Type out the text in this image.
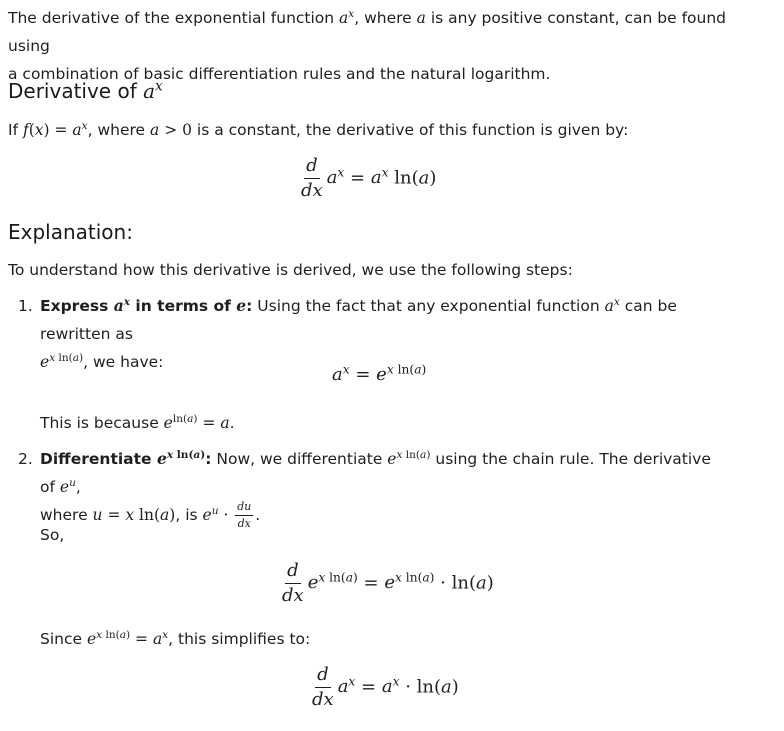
The derivative of the exponential function $a^x$, where a is any positive constant, can be found using
a combination of basic differentiation rules and the natural logarithm.
Derivative of $a^x$
If $f(x) = a^x$, where a > 0 is a constant, the derivative of this function is given by:
$\frac{d}{dx} a^x = a^x$ ln(a)
Explanation:
To understand how this derivative is derived, we use the following steps:
1. Express $a^x$ in terms of e: Using the fact that any exponential function $a^x$ can be rewritten as
$e^{x ln(a)}$, we have:
$a^x = e^{x ln(a)}$
This is because $e^{ln(a)} = a$.
2. Differentiate $e^{x ln(a)}$: Now, we differentiate $e^{x ln(a)}$ using the chain rule. The derivative of $e^u$,
where u = x ln(a), is $e^u \cdot \frac{du}{dx}$ .
So,
$\frac{d}{dx} e^{x ln(a)} = e^{x ln(a)} \cdot \ln(a)$
Since $e^{x ln(a)} = a^x$, this simplifies to:
$\frac{d}{dx} a^x = a^x \cdot \ln(a)$
